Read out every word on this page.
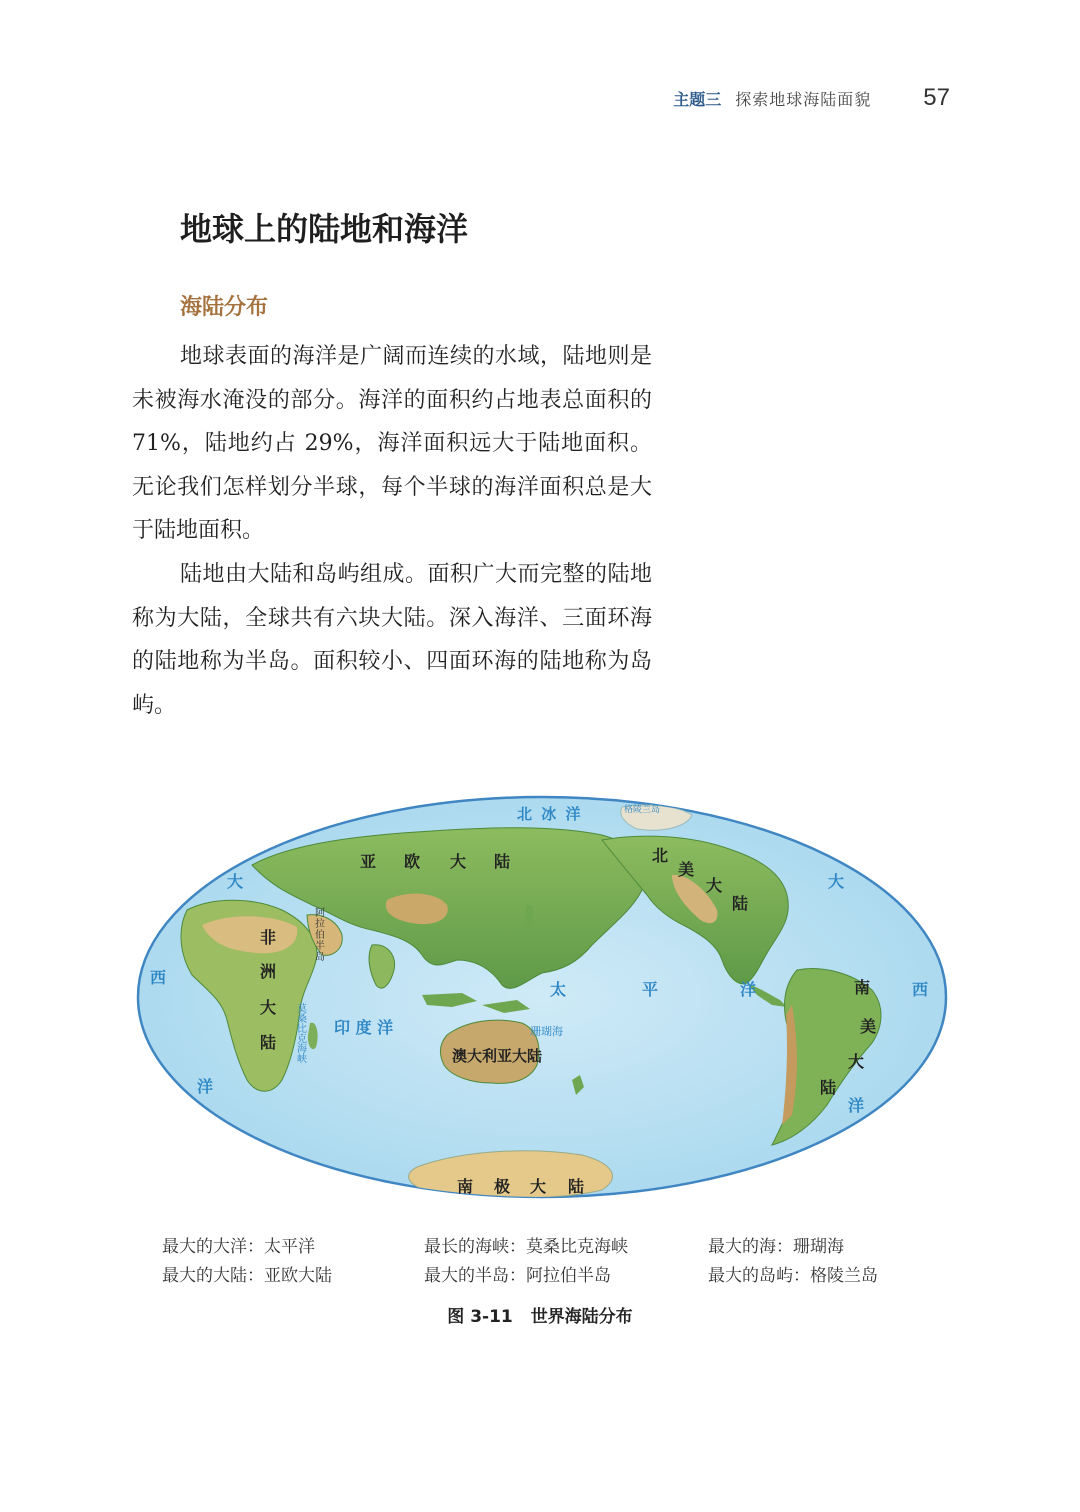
主题三 探索地球海陆面貌 57
地球上的陆地和海洋
海陆分布

地球表面的海洋是广阔而连续的水域，陆地则是未被海水淹没的部分。海洋的面积约占地表总面积的 71%，陆地约占 29%，海洋面积远大于陆地面积。无论我们怎样划分半球，每个半球的海洋面积总是大于陆地面积。

陆地由大陆和岛屿组成。面积广大而完整的陆地称为大陆，全球共有六块大陆。深入海洋、三面环海的陆地称为半岛。面积较小、四面环海的陆地称为岛屿。

北 冰 洋
太	平	洋
印 度 洋
大
西
洋
大
西
洋
亚 欧 大 陆	北
美
大
陆
非
洲
大
陆
南
美
大
陆
澳大利亚大陆
南 极 大 陆
阿拉伯半岛
莫桑比克海峡	珊瑚海
格陵兰岛
最大的大洋：太平洋	最长的海峡：莫桑比克海峡	最大的海：珊瑚海
最大的大陆：亚欧大陆	最大的半岛：阿拉伯半岛	最大的岛屿：格陵兰岛
图 3-11 世界海陆分布
